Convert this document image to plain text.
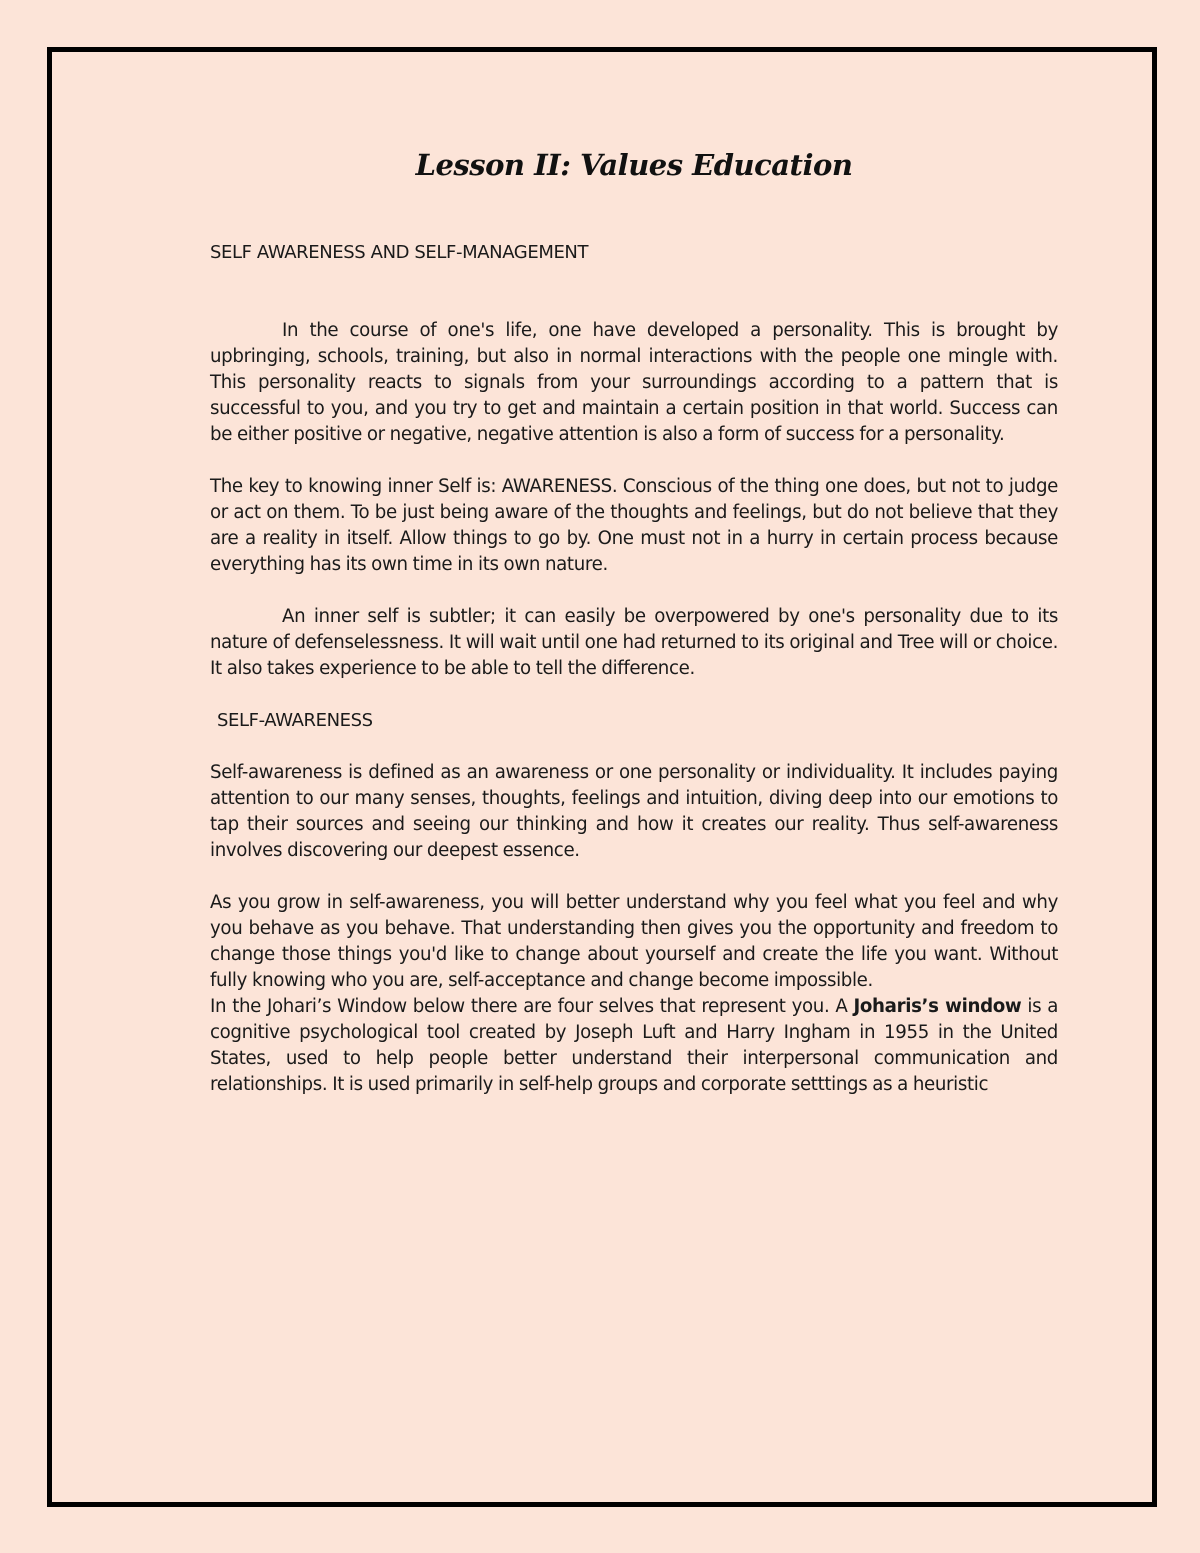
Lesson II: Values Education
SELF AWARENESS AND SELF-MANAGEMENT

In the course of one's life, one have developed a personality. This is brought by upbringing, schools, training, but also in normal interactions with the people one mingle with. This personality reacts to signals from your surroundings according to a pattern that is successful to you, and you try to get and maintain a certain position in that world. Success can be either positive or negative, negative attention is also a form of success for a personality.

The key to knowing inner Self is: AWARENESS. Conscious of the thing one does, but not to judge or act on them. To be just being aware of the thoughts and feelings, but do not believe that they are a reality in itself. Allow things to go by. One must not in a hurry in certain process because everything has its own time in its own nature.

An inner self is subtler; it can easily be overpowered by one's personality due to its nature of defenselessness. It will wait until one had returned to its original and Tree will or choice. It also takes experience to be able to tell the difference.

SELF-AWARENESS

Self-awareness is defined as an awareness or one personality or individuality. It includes paying attention to our many senses, thoughts, feelings and intuition, diving deep into our emotions to tap their sources and seeing our thinking and how it creates our reality. Thus self-awareness involves discovering our deepest essence.

As you grow in self-awareness, you will better understand why you feel what you feel and why you behave as you behave. That understanding then gives you the opportunity and freedom to change those things you'd like to change about yourself and create the life you want. Without fully knowing who you are, self-acceptance and change become impossible.

In the Johari’s Window below there are four selves that represent you. A Joharis’s window is a cognitive psychological tool created by Joseph Luft and Harry Ingham in 1955 in the United States, used to help people better understand their interpersonal communication and relationships. It is used primarily in self-help groups and corporate setttings as a heuristic
